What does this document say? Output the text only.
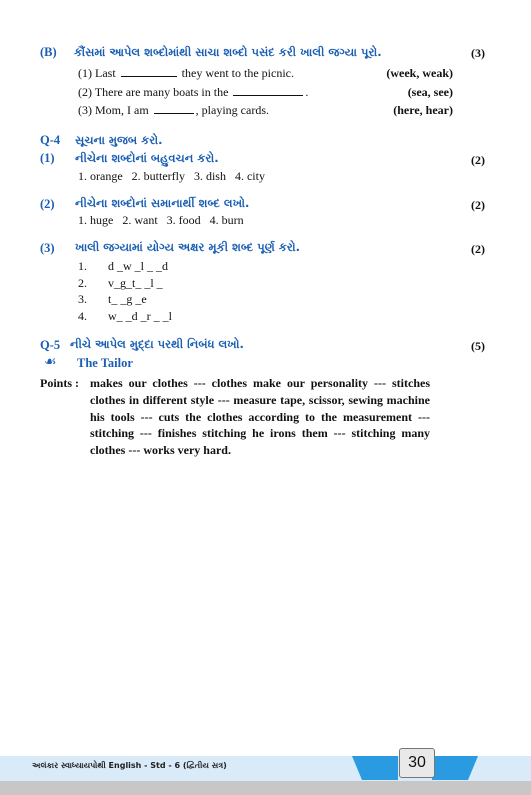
(B) કૌંસમાં આપેલ શબ્દોમાંથી સાચા શબ્દો પસંદ કરી ખાલી જગ્યા પૂરો.	(3)
(1) Last	they went to the picnic.	(week, weak)
(2) There are many boats in the	.	(sea, see)
(3) Mom, I am	, playing cards.	(here, hear)
Q-4 સૂચના મુજબ કરો.
(1) નીચેના શબ્દોનાં બહુવચન કરો.	(2)
1. orange   2. butterfly   3. dish   4. city
(2) નીચેના શબ્દોનાં સમાનાર્થી શબ્દ લખો.	(2)
1. huge   2. want   3. food   4. burn
(3) ખાલી જગ્યામાં યોગ્ય અક્ષર મૂકી શબ્દ પૂર્ણ કરો.	(2)
1. d _w _l _ _d
2. v_g_t_ _l _
3. t_ _g _e
4. w_ _d _r _ _l
Q-5 નીચે આપેલ મુદ્દા પરથી નિબંધ લખો.	(5)
☙ The Tailor
Points : makes our clothes --- clothes make our personality --- stitches clothes in different style --- measure tape, scissor, sewing machine his tools --- cuts the clothes according to the measurement --- stitching --- finishes stitching he irons them --- stitching many clothes --- works very hard.
30
અલંકાર સ્વાધ્યાયપોથી English - Std - 6 (દ્વિતીય સત્ર)
